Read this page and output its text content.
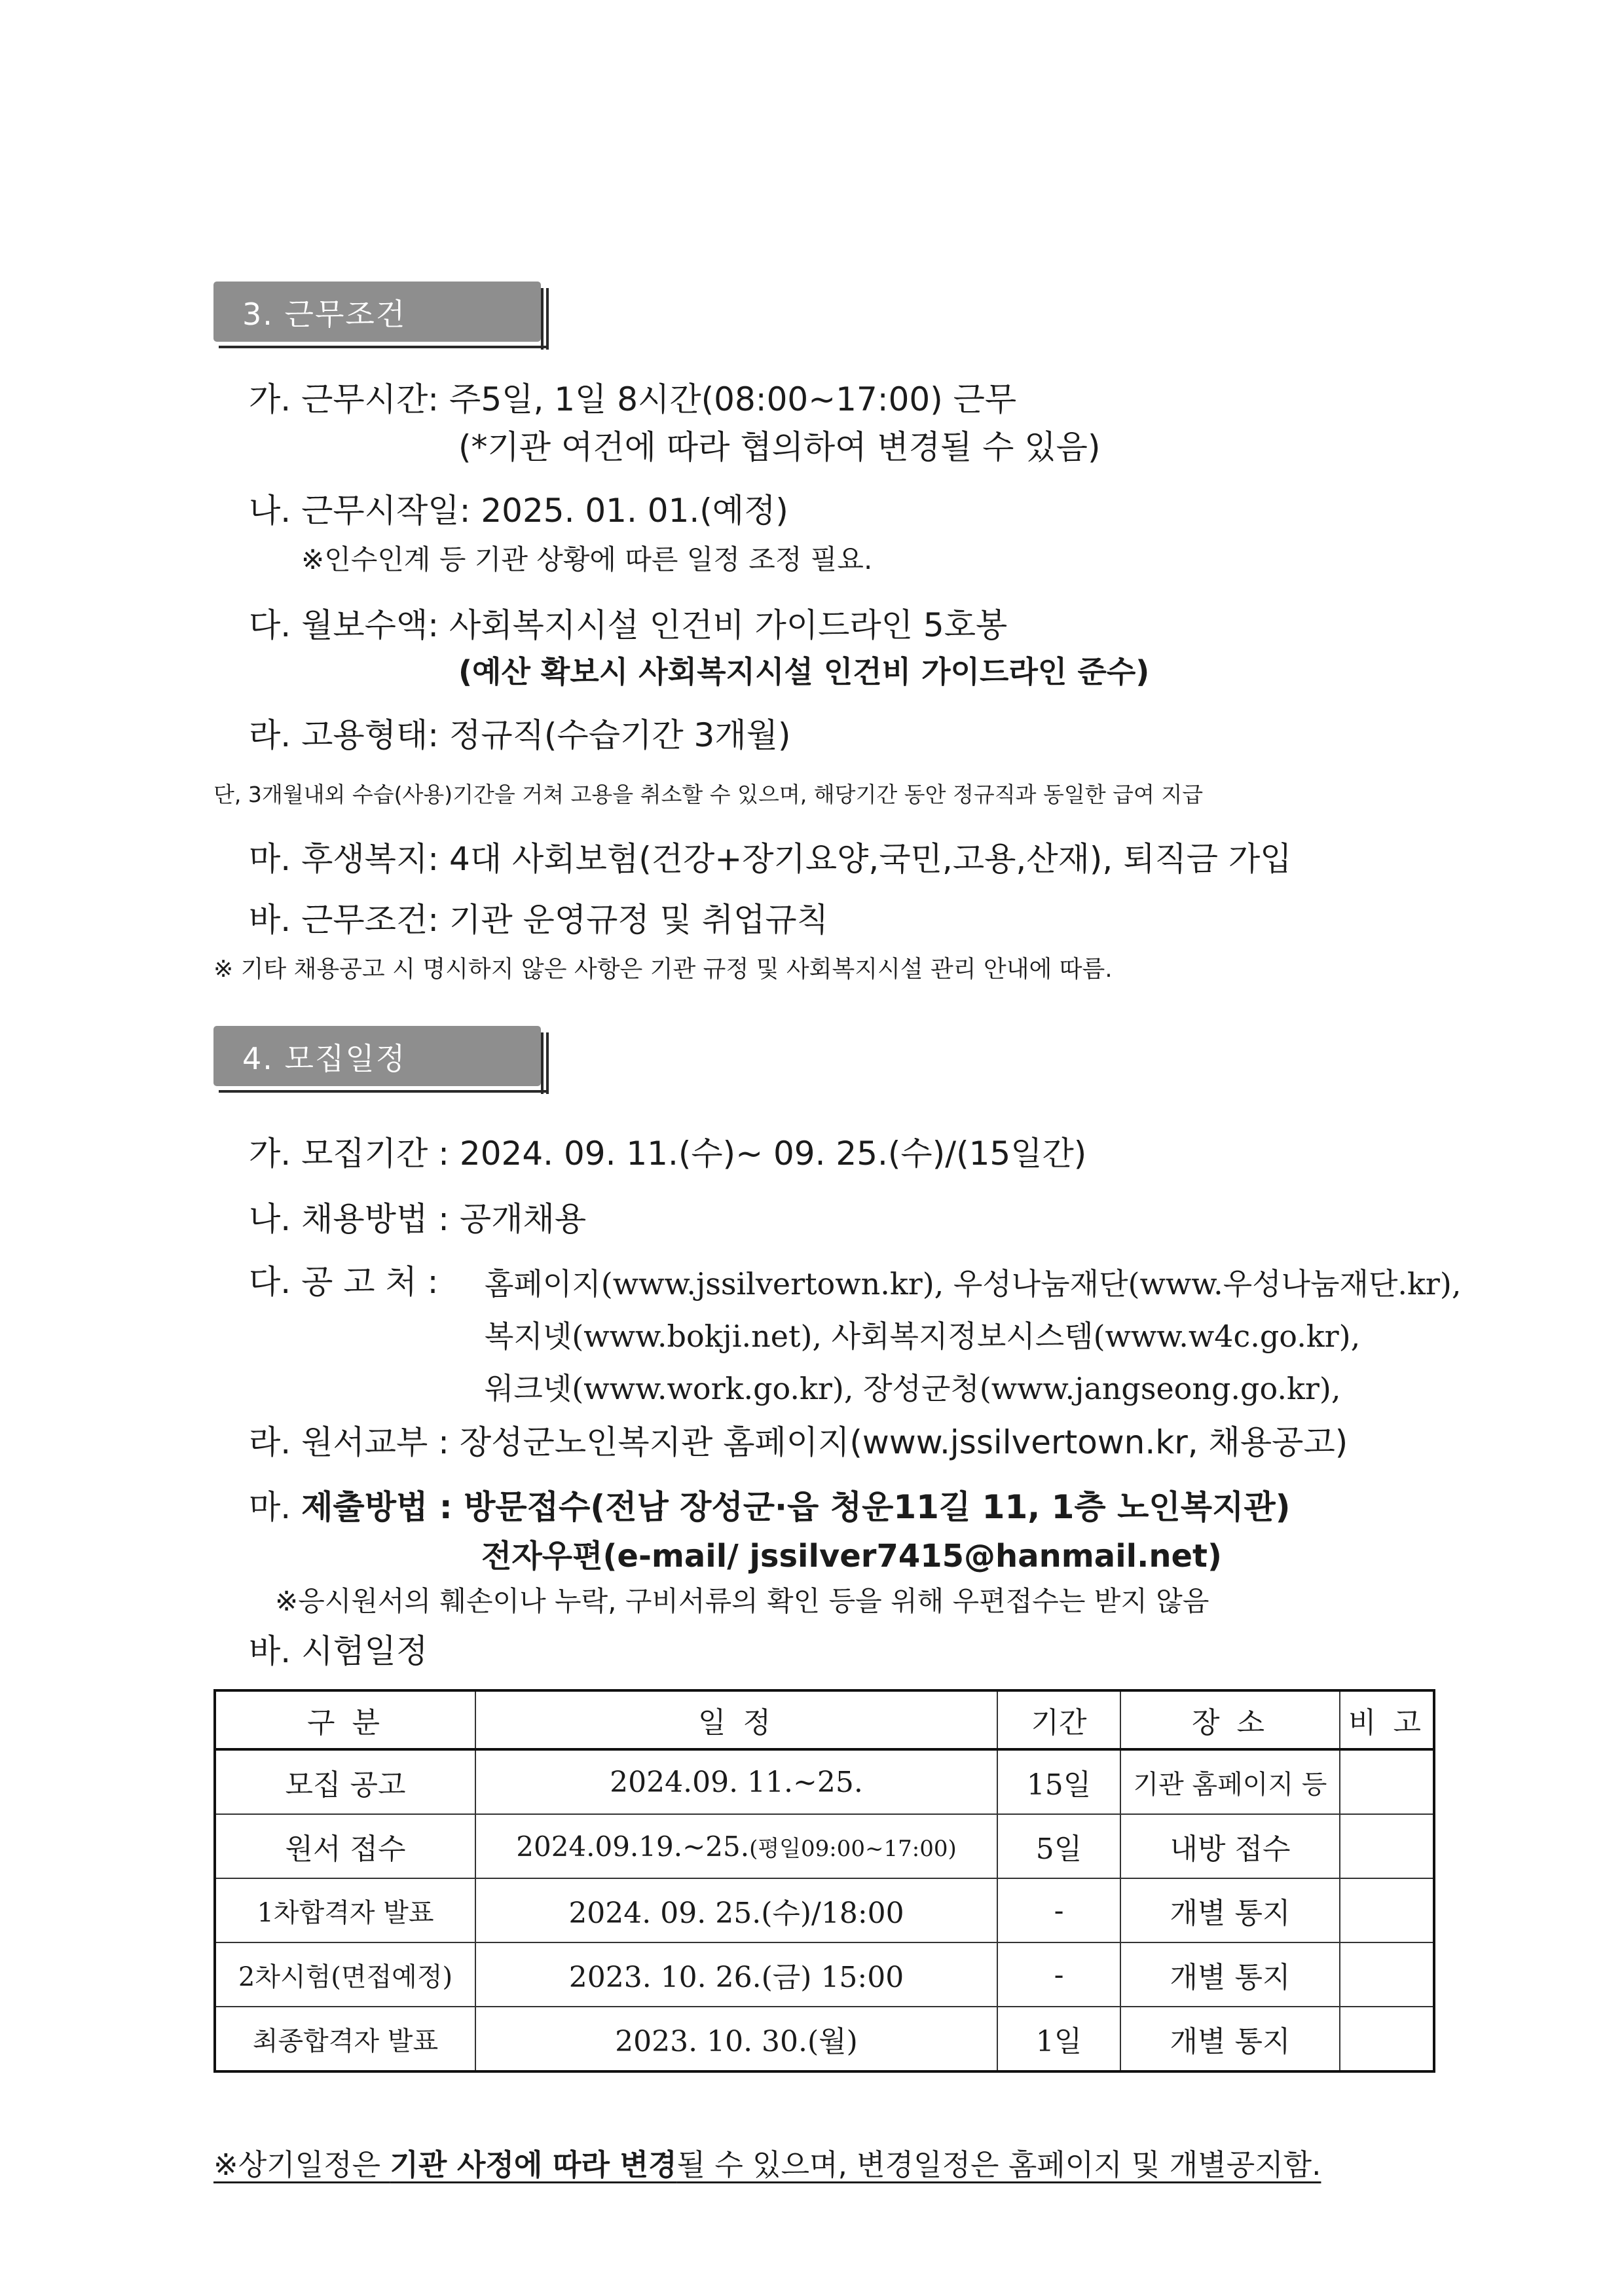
3. 근무조건
가. 근무시간: 주5일, 1일 8시간(08:00~17:00) 근무
(*기관 여건에 따라 협의하여 변경될 수 있음)
나. 근무시작일: 2025. 01. 01.(예정)
※인수인계 등 기관 상황에 따른 일정 조정 필요.
다. 월보수액: 사회복지시설 인건비 가이드라인 5호봉
(예산 확보시 사회복지시설 인건비 가이드라인 준수)
라. 고용형태: 정규직(수습기간 3개월)
단, 3개월내외 수습(사용)기간을 거쳐 고용을 취소할 수 있으며, 해당기간 동안 정규직과 동일한 급여 지급
마. 후생복지: 4대 사회보험(건강+장기요양,국민,고용,산재), 퇴직금 가입
바. 근무조건: 기관 운영규정 및 취업규칙
※ 기타 채용공고 시 명시하지 않은 사항은 기관 규정 및 사회복지시설 관리 안내에 따름.
4. 모집일정
가. 모집기간 : 2024. 09. 11.(수)~ 09. 25.(수)/(15일간)
나. 채용방법 : 공개채용
다. 공 고 처 : 홈페이지(www.jssilvertown.kr), 우성나눔재단(www.우성나눔재단.kr),
복지넷(www.bokji.net), 사회복지정보시스템(www.w4c.go.kr),
워크넷(www.work.go.kr), 장성군청(www.jangseong.go.kr),
라. 원서교부 : 장성군노인복지관 홈페이지(www.jssilvertown.kr, 채용공고)
마. 제출방법 : 방문접수(전남 장성군·읍 청운11길 11, 1층 노인복지관)
전자우편(e-mail/ jssilver7415@hanmail.net)
※응시원서의 훼손이나 누락, 구비서류의 확인 등을 위해 우편접수는 받지 않음
바. 시험일정
구 분	일 정	기간	장 소	비 고
모집 공고	2024.09. 11.~25.	15일	기관 홈페이지 등	
원서 접수	2024.09.19.~25.(평일09:00~17:00)	5일	내방 접수	
1차합격자 발표	2024. 09. 25.(수)/18:00	-	개별 통지	
2차시험(면접예정)	2023. 10. 26.(금) 15:00	-	개별 통지	
최종합격자 발표	2023. 10. 30.(월)	1일	개별 통지	
※상기일정은 기관 사정에 따라 변경될 수 있으며, 변경일정은 홈페이지 및 개별공지함.
